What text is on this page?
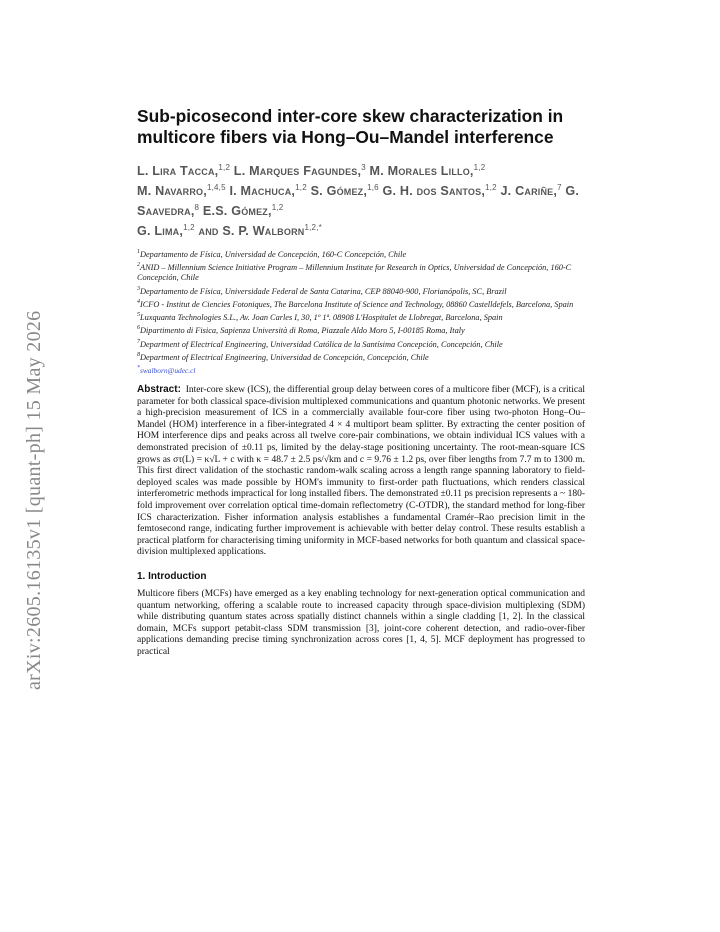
arXiv:2605.16135v1 [quant-ph] 15 May 2026
Sub-picosecond inter-core skew characterization in multicore fibers via Hong–Ou–Mandel interference
L. Lira Tacca,$^{1,2}$ L. Marques Fagundes,$^3$ M. Morales Lillo,$^{1,2}$
M. Navarro,$^{1,4,5}$ I. Machuca,$^{1,2}$ S. Gómez,$^{1,6}$ G. H. dos Santos,$^{1,2}$ J. Cariñe,$^7$ G. Saavedra,$^8$ E.S. Gómez,$^{1,2}$
G. Lima,$^{1,2}$ and S. P. Walborn$^{1,2,*}$

$^1$Departamento de Física, Universidad de Concepción, 160-C Concepción, Chile

$^2$ANID – Millennium Science Initiative Program – Millennium Institute for Research in Optics, Universidad de Concepción, 160-C Concepción, Chile

$^3$Departamento de Física, Universidade Federal de Santa Catarina, CEP 88040-900, Florianópolis, SC, Brazil

$^4$ICFO - Institut de Ciencies Fotoniques, The Barcelona Institute of Science and Technology, 08860 Castelldefels, Barcelona, Spain

$^5$Luxquanta Technologies S.L., Av. Joan Carles I, 30, 1º 1ª. 08908 L'Hospitalet de Llobregat, Barcelona, Spain

$^6$Dipartimento di Fisica, Sapienza Università di Roma, Piazzale Aldo Moro 5, I-00185 Roma, Italy

$^7$Department of Electrical Engineering, Universidad Católica de la Santísima Concepción, Concepción, Chile

$^8$Department of Electrical Engineering, Universidad de Concepción, Concepción, Chile

*swalborn@udec.cl

Abstract: Inter-core skew (ICS), the differential group delay between cores of a multicore fiber (MCF), is a critical parameter for both classical space-division multiplexed communications and quantum photonic networks. We present a high-precision measurement of ICS in a commercially available four-core fiber using two-photon Hong–Ou–Mandel (HOM) interference in a fiber-integrated 4 × 4 multiport beam splitter. By extracting the center position of HOM interference dips and peaks across all twelve core-pair combinations, we obtain individual ICS values with a demonstrated precision of ±0.11 ps, limited by the delay-stage positioning uncertainty. The root-mean-square ICS grows as στ(L) = κ√L + c with κ = 48.7 ± 2.5 ps/√km and c = 9.76 ± 1.2 ps, over fiber lengths from 7.7 m to 1300 m. This first direct validation of the stochastic random-walk scaling across a length range spanning laboratory to field-deployed scales was made possible by HOM's immunity to first-order path fluctuations, which renders classical interferometric methods impractical for long installed fibers. The demonstrated ±0.11 ps precision represents a ~ 180-fold improvement over correlation optical time-domain reflectometry (C-OTDR), the standard method for long-fiber ICS characterization. Fisher information analysis establishes a fundamental Cramér–Rao precision limit in the femtosecond range, indicating further improvement is achievable with better delay control. These results establish a practical platform for characterising timing uniformity in MCF-based networks for both quantum and classical space-division multiplexed applications.

1. Introduction

Multicore fibers (MCFs) have emerged as a key enabling technology for next-generation optical communication and quantum networking, offering a scalable route to increased capacity through space-division multiplexing (SDM) while distributing quantum states across spatially distinct channels within a single cladding [1, 2]. In the classical domain, MCFs support petabit-class SDM transmission [3], joint-core coherent detection, and radio-over-fiber applications demanding precise timing synchronization across cores [1, 4, 5]. MCF deployment has progressed to practical
